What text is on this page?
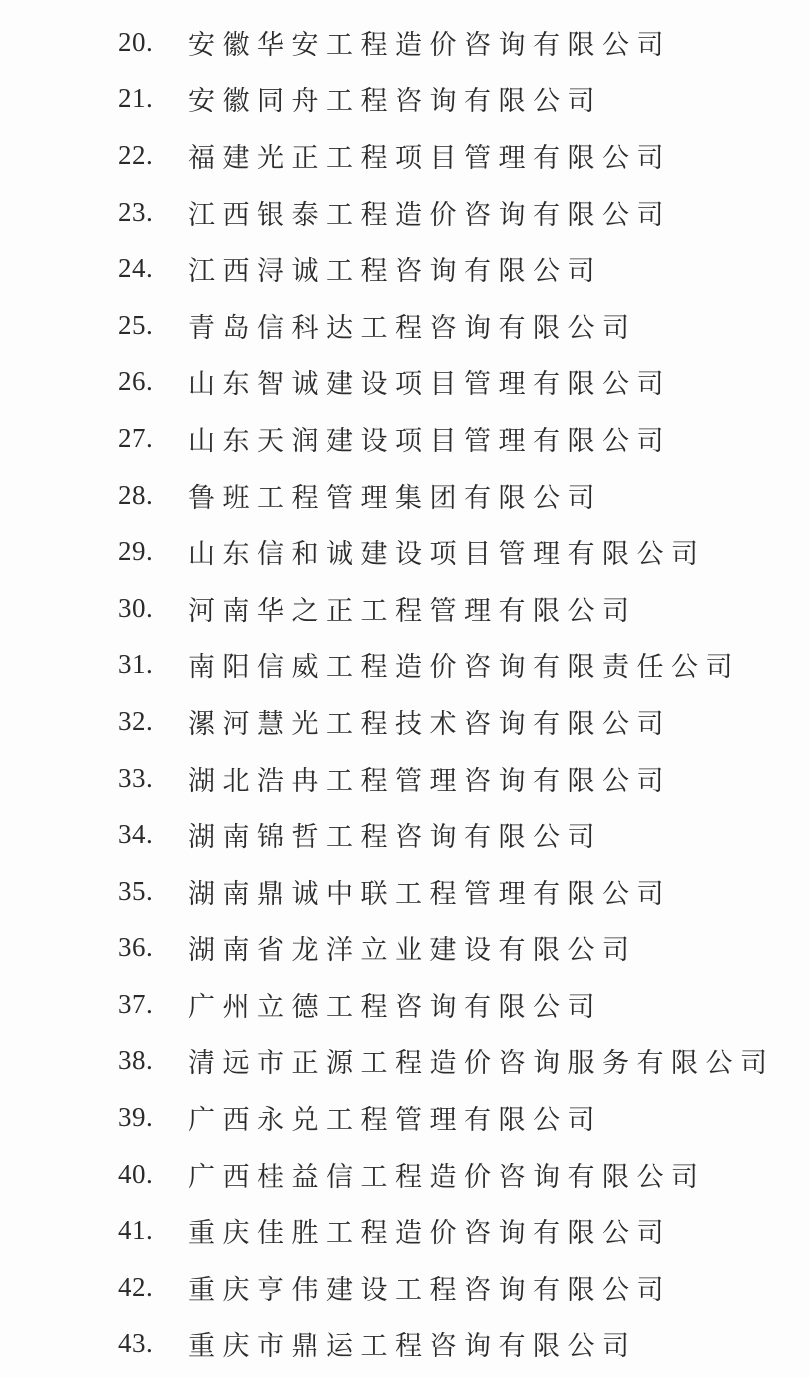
20.	安徽华安工程造价咨询有限公司
21.	安徽同舟工程咨询有限公司
22.	福建光正工程项目管理有限公司
23.	江西银泰工程造价咨询有限公司
24.	江西浔诚工程咨询有限公司
25.	青岛信科达工程咨询有限公司
26.	山东智诚建设项目管理有限公司
27.	山东天润建设项目管理有限公司
28.	鲁班工程管理集团有限公司
29.	山东信和诚建设项目管理有限公司
30.	河南华之正工程管理有限公司
31.	南阳信威工程造价咨询有限责任公司
32.	漯河慧光工程技术咨询有限公司
33.	湖北浩冉工程管理咨询有限公司
34.	湖南锦哲工程咨询有限公司
35.	湖南鼎诚中联工程管理有限公司
36.	湖南省龙洋立业建设有限公司
37.	广州立德工程咨询有限公司
38.	清远市正源工程造价咨询服务有限公司
39.	广西永兑工程管理有限公司
40.	广西桂益信工程造价咨询有限公司
41.	重庆佳胜工程造价咨询有限公司
42.	重庆亨伟建设工程咨询有限公司
43.	重庆市鼎运工程咨询有限公司
